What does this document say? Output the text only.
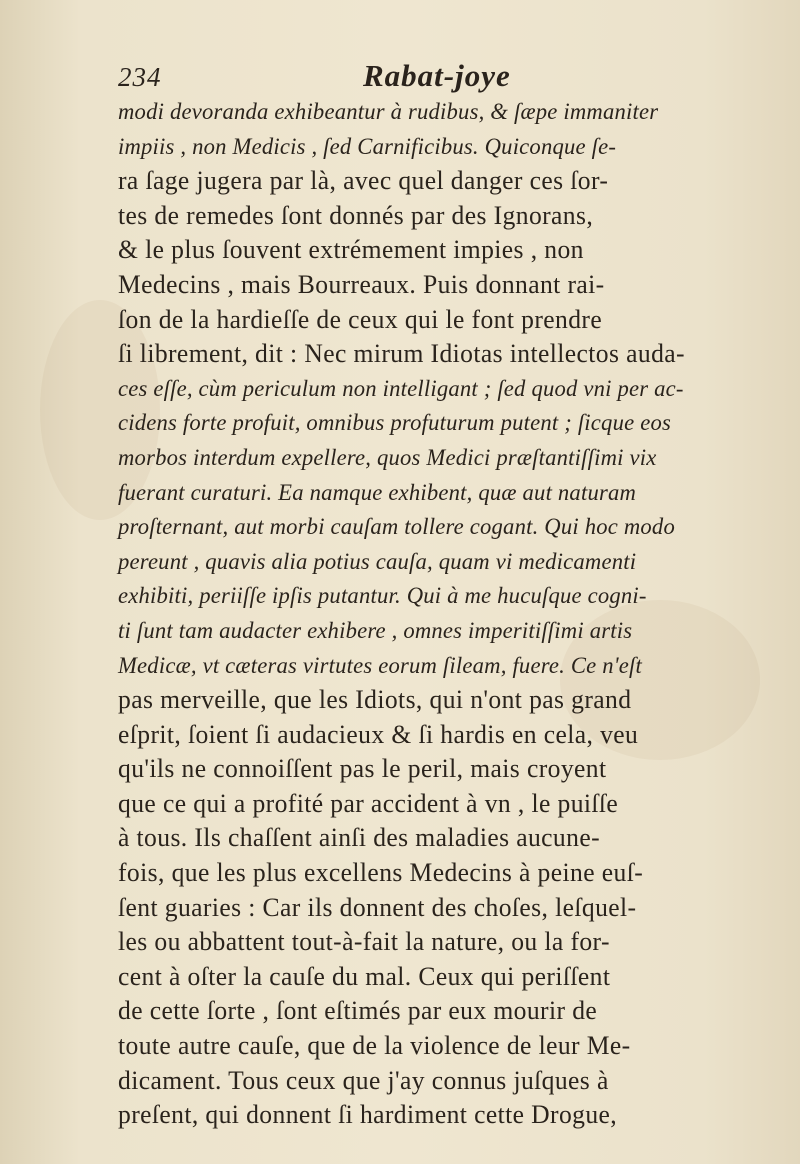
234	Rabat-joye
modi devoranda exhibeantur à rudibus, & ſæpe immaniter
impiis , non Medicis , ſed Carnificibus. Quiconque ſe-
ra ſage jugera par là, avec quel danger ces ſor-
tes de remedes ſont donnés par des Ignorans,
& le plus ſouvent extrémement impies , non
Medecins , mais Bourreaux. Puis donnant rai-
ſon de la hardieſſe de ceux qui le font prendre
ſi librement, dit : Nec mirum Idiotas intellectos auda-
ces eſſe, cùm periculum non intelligant ; ſed quod vni per ac-
cidens forte profuit, omnibus profuturum putent ; ſicque eos
morbos interdum expellere, quos Medici præſtantiſſimi vix
fuerant curaturi. Ea namque exhibent, quæ aut naturam
proſternant, aut morbi cauſam tollere cogant. Qui hoc modo
pereunt , quavis alia potius cauſa, quam vi medicamenti
exhibiti, periiſſe ipſis putantur. Qui à me hucuſque cogni-
ti ſunt tam audacter exhibere , omnes imperitiſſimi artis
Medicæ, vt cæteras virtutes eorum ſileam, fuere. Ce n'eſt
pas merveille, que les Idiots, qui n'ont pas grand
eſprit, ſoient ſi audacieux & ſi hardis en cela, veu
qu'ils ne connoiſſent pas le peril, mais croyent
que ce qui a profité par accident à vn , le puiſſe
à tous. Ils chaſſent ainſi des maladies aucune-
fois, que les plus excellens Medecins à peine euſ-
ſent guaries : Car ils donnent des choſes, leſquel-
les ou abbattent tout-à-fait la nature, ou la for-
cent à oſter la cauſe du mal. Ceux qui periſſent
de cette ſorte , ſont eſtimés par eux mourir de
toute autre cauſe, que de la violence de leur Me-
dicament. Tous ceux que j'ay connus juſques à
preſent, qui donnent ſi hardiment cette Drogue,
